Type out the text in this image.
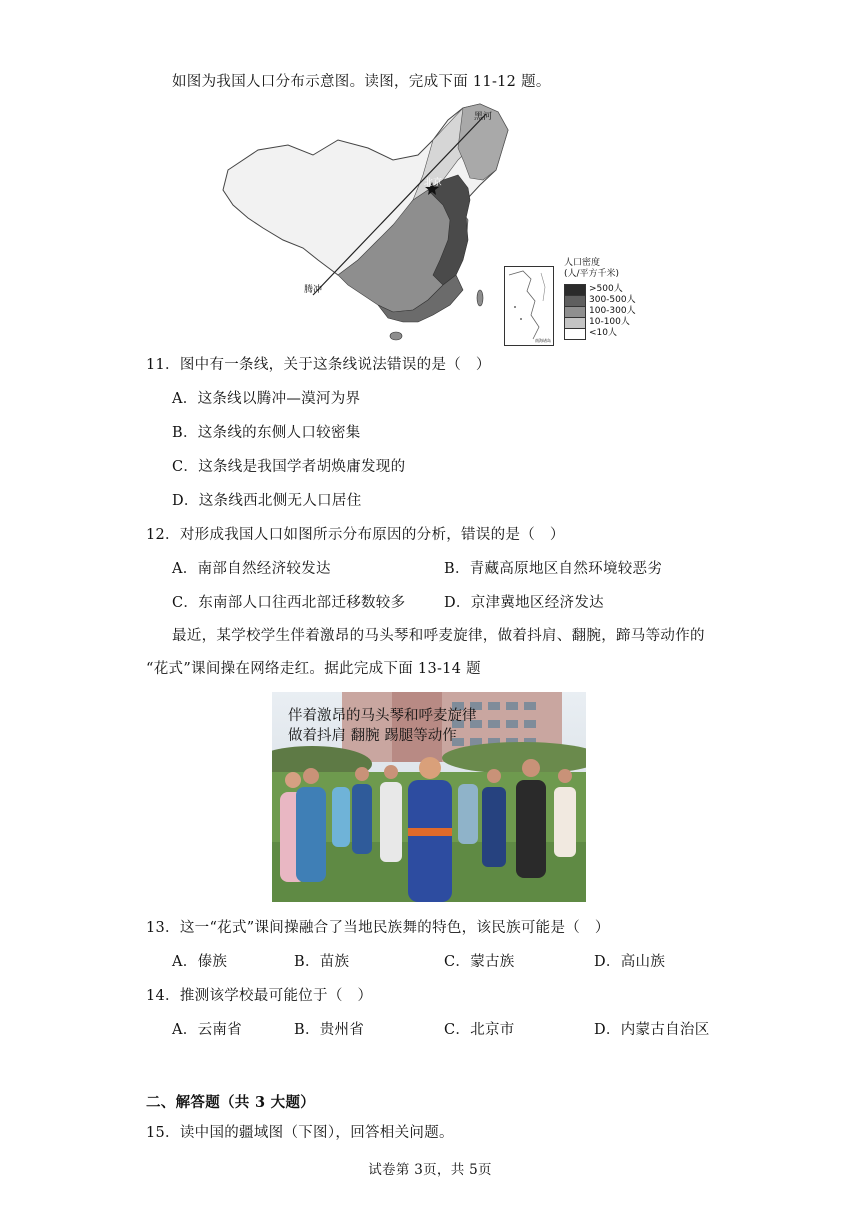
如图为我国人口分布示意图。读图，完成下面 11-12 题。
黑河
北京
腾冲
南海诸岛
人口密度
(人/平方千米)
>500人
300-500人
100-300人
10-100人
<10人
11．图中有一条线，关于这条线说法错误的是（　）
A．这条线以腾冲—漠河为界
B．这条线的东侧人口较密集
C．这条线是我国学者胡焕庸发现的
D．这条线西北侧无人口居住
12．对形成我国人口如图所示分布原因的分析，错误的是（　）
A．南部自然经济较发达	B．青藏高原地区自然环境较恶劣
C．东南部人口往西北部迁移数较多	D．京津冀地区经济发达
最近，某学校学生伴着激昂的马头琴和呼麦旋律，做着抖肩、翻腕，蹄马等动作的
“花式”课间操在网络走红。据此完成下面 13-14 题
伴着激昂的马头琴和呼麦旋律
做着抖肩 翻腕 踢腿等动作
13．这一“花式”课间操融合了当地民族舞的特色，该民族可能是（　）
A．傣族	B．苗族	C．蒙古族	D．高山族
14．推测该学校最可能位于（　）
A．云南省	B．贵州省	C．北京市	D．内蒙古自治区
二、解答题（共 3 大题）
15．读中国的疆域图（下图），回答相关问题。
试卷第 3页，共 5页
